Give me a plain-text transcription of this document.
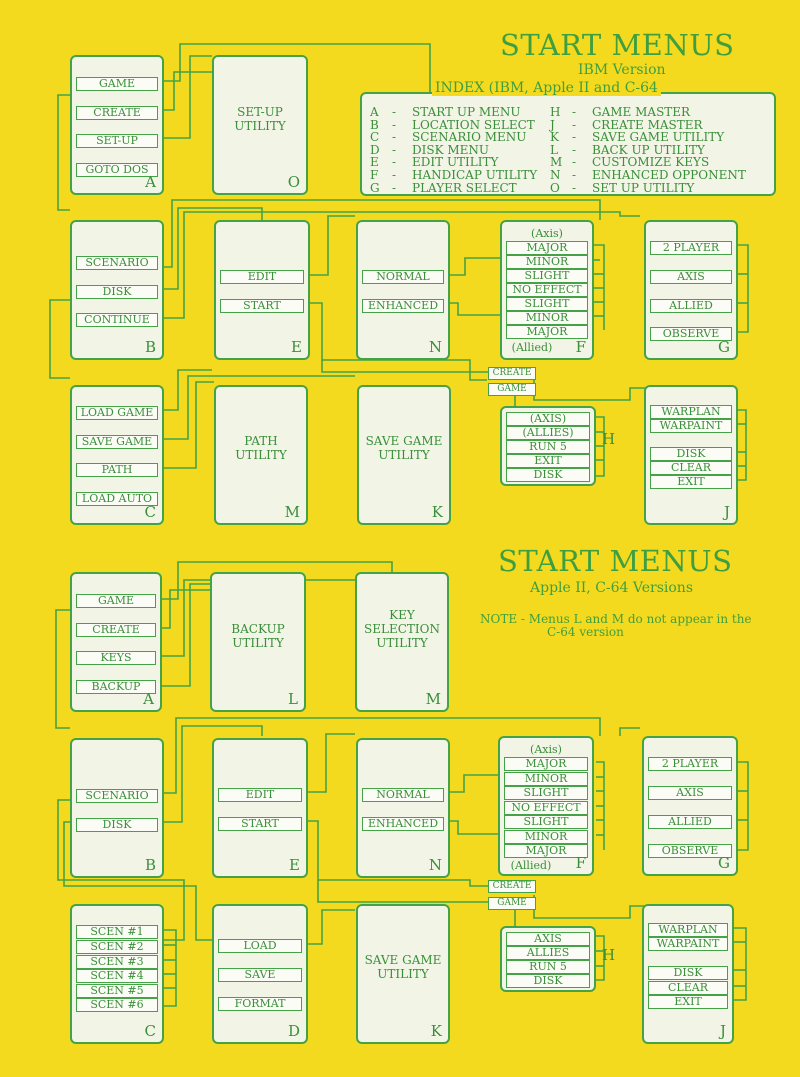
START MENUS
IBM Version
INDEX (IBM, Apple II and C-64
A - START UP MENU
B - LOCATION SELECT
C - SCENARIO MENU
D - DISK MENU
E - EDIT UTILITY
F - HANDICAP UTILITY
G - PLAYER SELECT
H - GAME MASTER
J - CREATE MASTER
K - SAVE GAME UTILITY
L - BACK UP UTILITY
M - CUSTOMIZE KEYS
N - ENHANCED OPPONENT
O - SET UP UTILITY
GAME
CREATE
SET-UP
GOTO DOS
A
SET-UP
UTILITY
O
SCENARIO
DISK
CONTINUE
B
EDIT
START
E
NORMAL
ENHANCED
N
(Axis)
MAJOR
MINOR
SLIGHT
NO EFFECT
SLIGHT
MINOR
MAJOR
(Allied)	F
2 PLAYER
AXIS
ALLIED
OBSERVE
G
LOAD GAME
SAVE GAME
PATH
LOAD AUTO
C
PATH
UTILITY
M
SAVE GAME
UTILITY
K
CREATE
GAME
(AXIS)
(ALLIES)
RUN 5
EXIT
DISK
H
WARPLAN
WARPAINT
DISK
CLEAR
EXIT
J
START MENUS
Apple II, C-64 Versions
NOTE - Menus L and M do not appear in the
C-64 version
GAME
CREATE
KEYS
BACKUP
A
BACKUP
UTILITY
L
KEY
SELECTION
UTILITY
M
SCENARIO
DISK
B
EDIT
START
E
NORMAL
ENHANCED
N
(Axis)
MAJOR
MINOR
SLIGHT
NO EFFECT
SLIGHT
MINOR
MAJOR
(Allied)	F
2 PLAYER
AXIS
ALLIED
OBSERVE
G
CREATE
GAME
SCEN #1
SCEN #2
SCEN #3
SCEN #4
SCEN #5
SCEN #6
C
LOAD
SAVE
FORMAT
D
SAVE GAME
UTILITY
K
AXIS
ALLIES
RUN 5
DISK
H
WARPLAN
WARPAINT
DISK
CLEAR
EXIT
J
